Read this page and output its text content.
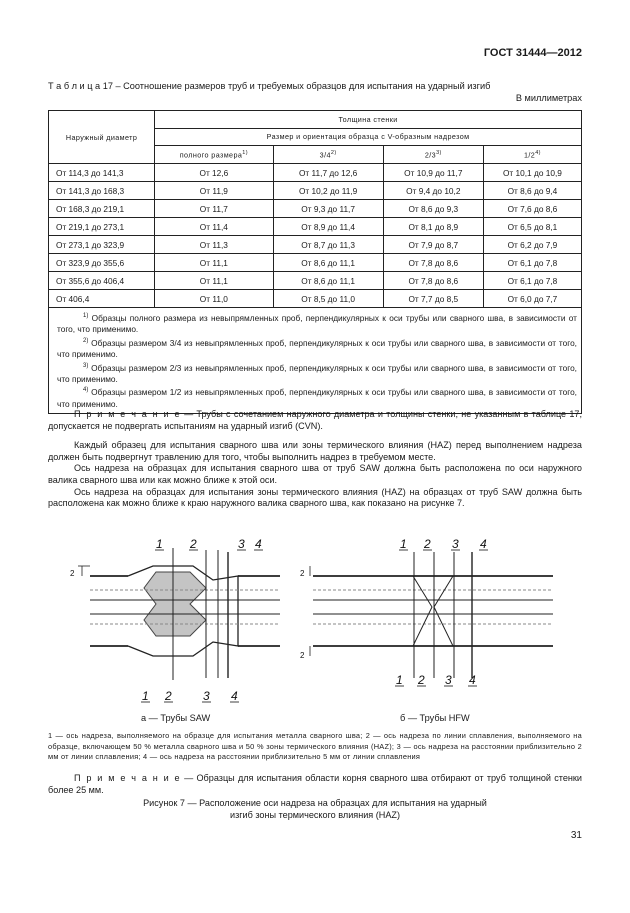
ГОСТ 31444—2012
Т а б л и ц а 17 – Соотношение размеров труб и требуемых образцов для испытания на ударный изгиб
В миллиметрах
Наружный диаметр	Толщина стенки			
	Размер и ориентация образца с V-образным надрезом			
	полного размера$^{1)}$	3/4$^{2)}$	2/3$^{3)}$	1/2$^{4)}$
От 114,3 до 141,3	От 12,6	От 11,7 до 12,6	От 10,9 до 11,7	От 10,1 до 10,9
От 141,3 до 168,3	От 11,9	От 10,2 до 11,9	От 9,4 до 10,2	От 8,6 до 9,4
От 168,3 до 219,1	От 11,7	От 9,3 до 11,7	От 8,6 до 9,3	От 7,6 до 8,6
От 219,1 до 273,1	От 11,4	От 8,9 до 11,4	От 8,1 до 8,9	От 6,5 до 8,1
От 273,1 до 323,9	От 11,3	От 8,7 до 11,3	От 7,9 до 8,7	От 6,2 до 7,9
От 323,9 до 355,6	От 11,1	От 8,6 до 11,1	От 7,8 до 8,6	От 6,1 до 7,8
От 355,6 до 406,4	От 11,1	От 8,6 до 11,1	От 7,8 до 8,6	От 6,1 до 7,8
От 406,4	От 11,0	От 8,5 до 11,0	От 7,7 до 8,5	От 6,0 до 7,7

$^{1)}$ Образцы полного размера из невыпрямленных проб, перпендикулярных к оси трубы или сварного шва, в зависимости от того, что применимо.
$^{2)}$ Образцы размером 3/4 из невыпрямленных проб, перпендикулярных к оси трубы или сварного шва, в зависимости от того, что применимо.
$^{3)}$ Образцы размером 2/3 из невыпрямленных проб, перпендикулярных к оси трубы или сварного шва, в зависимости от того, что применимо.
$^{4)}$ Образцы размером 1/2 из невыпрямленных проб, перпендикулярных к оси трубы или сварного шва, в зависимости от того, что применимо.				

П р и м е ч а н и е — Трубы с сочетанием наружного диаметра и толщины стенки, не указанным в таблице 17, допускается не подвергать испытаниям на ударный изгиб (CVN).

Каждый образец для испытания сварного шва или зоны термического влияния (HAZ) перед выполнением надреза должен быть подвергнут травлению для того, чтобы выполнить надрез в требуемом месте.

Ось надреза на образцах для испытания сварного шва от труб SAW должна быть расположена по оси наружного валика сварного шва или как можно ближе к этой оси.

Ось надреза на образцах для испытания зоны термического влияния (HAZ) на образцах от труб SAW должна быть расположена как можно ближе к краю наружного валика сварного шва, как показано на рисунке 7.

1
1
1
1
2
2
2
2
3
3
3
3
4
4
4
4
2	2
2
а — Трубы SAW	б — Трубы HFW
1 — ось надреза, выполняемого на образце для испытания металла сварного шва; 2 — ось надреза по линии сплавления, выполняемого на образце, включающем 50 % металла сварного шва и 50 % зоны термического влияния (HAZ); 3 — ось надреза на расстоянии приблизительно 2 мм от линии сплавления; 4 — ось надреза на расстоянии приблизительно 5 мм от линии сплавления

П р и м е ч а н и е — Образцы для испытания области корня сварного шва отбирают от труб толщиной стенки более 25 мм.

Рисунок 7 — Расположение оси надреза на образцах для испытания на ударный
изгиб зоны термического влияния (HAZ)
31
